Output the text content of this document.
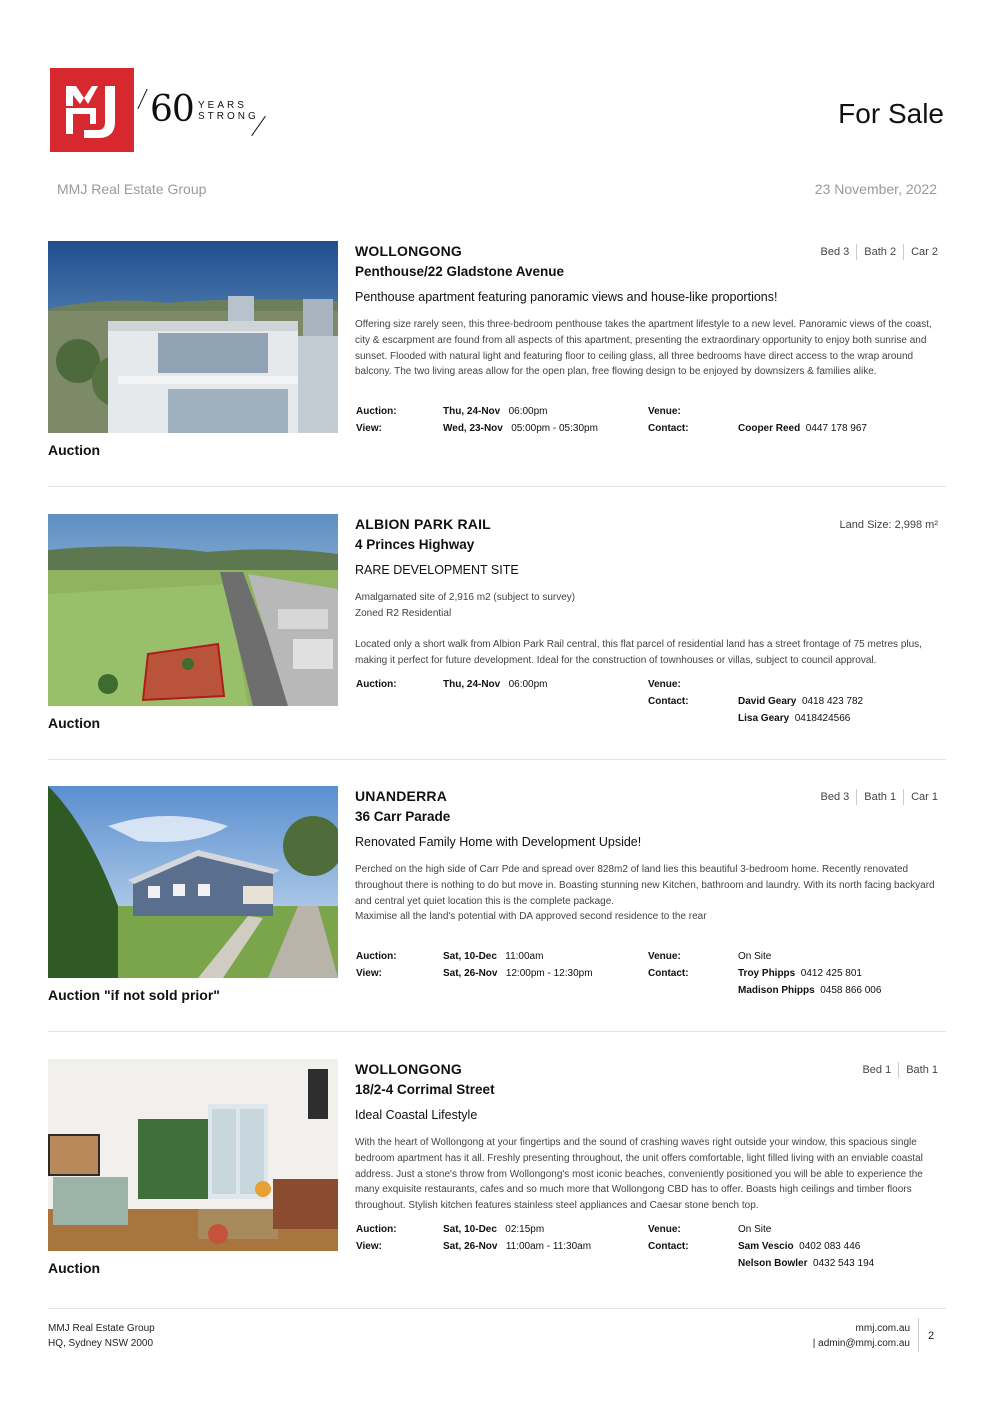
60 YEARS
STRONG	For Sale
MMJ Real Estate Group	23 November, 2022
Auction
WOLLONGONG
Penthouse/22 Gladstone Avenue
Penthouse apartment featuring panoramic views and house-like proportions!
Bed 3	Bath 2	Car 2
Offering size rarely seen, this three-bedroom penthouse takes the apartment lifestyle to a new level. Panoramic views of the coast, city & escarpment are found from all aspects of this apartment, presenting the extraordinary opportunity to enjoy both sunrise and sunset. Flooded with natural light and featuring floor to ceiling glass, all three bedrooms have direct access to the wrap around balcony. The two living areas allow for the open plan, free flowing design to be enjoyed by downsizers & families alike.
Auction:	Thu, 24-Nov 06:00pm	Venue:
View:	Wed, 23-Nov 05:00pm - 05:30pm	Contact:	Cooper Reed 0447 178 967
Auction
ALBION PARK RAIL
4 Princes Highway
RARE DEVELOPMENT SITE
Land Size: 2,998 m²
Amalgamated site of 2,916 m2 (subject to survey)
Zoned R2 Residential
Located only a short walk from Albion Park Rail central, this flat parcel of residential land has a street frontage of 75 metres plus, making it perfect for future development. Ideal for the construction of townhouses or villas, subject to council approval.
Auction:	Thu, 24-Nov 06:00pm	Venue:
Contact:	David Geary 0418 423 782
Lisa Geary 0418424566
Auction "if not sold prior"
UNANDERRA
36 Carr Parade
Renovated Family Home with Development Upside!
Bed 3	Bath 1	Car 1
Perched on the high side of Carr Pde and spread over 828m2 of land lies this beautiful 3-bedroom home. Recently renovated throughout there is nothing to do but move in. Boasting stunning new Kitchen, bathroom and laundry. With its north facing backyard and central yet quiet location this is the complete package.
Maximise all the land's potential with DA approved second residence to the rear
Auction:	Sat, 10-Dec 11:00am	Venue:	On Site
View:	Sat, 26-Nov 12:00pm - 12:30pm	Contact:	Troy Phipps 0412 425 801
Madison Phipps 0458 866 006
Auction
WOLLONGONG
18/2-4 Corrimal Street
Ideal Coastal Lifestyle
Bed 1	Bath 1
With the heart of Wollongong at your fingertips and the sound of crashing waves right outside your window, this spacious single bedroom apartment has it all. Freshly presenting throughout, the unit offers comfortable, light filled living with an enviable coastal address. Just a stone's throw from Wollongong's most iconic beaches, conveniently positioned you will be able to experience the many exquisite restaurants, cafes and so much more that Wollongong CBD has to offer. Boasts high ceilings and timber floors throughout. Stylish kitchen features stainless steel appliances and Caesar stone bench top.
Auction:	Sat, 10-Dec 02:15pm	Venue:	On Site
View:	Sat, 26-Nov 11:00am - 11:30am	Contact:	Sam Vescio 0402 083 446
Nelson Bowler 0432 543 194
MMJ Real Estate Group
HQ, Sydney NSW 2000
mmj.com.au
| admin@mmj.com.au
2
